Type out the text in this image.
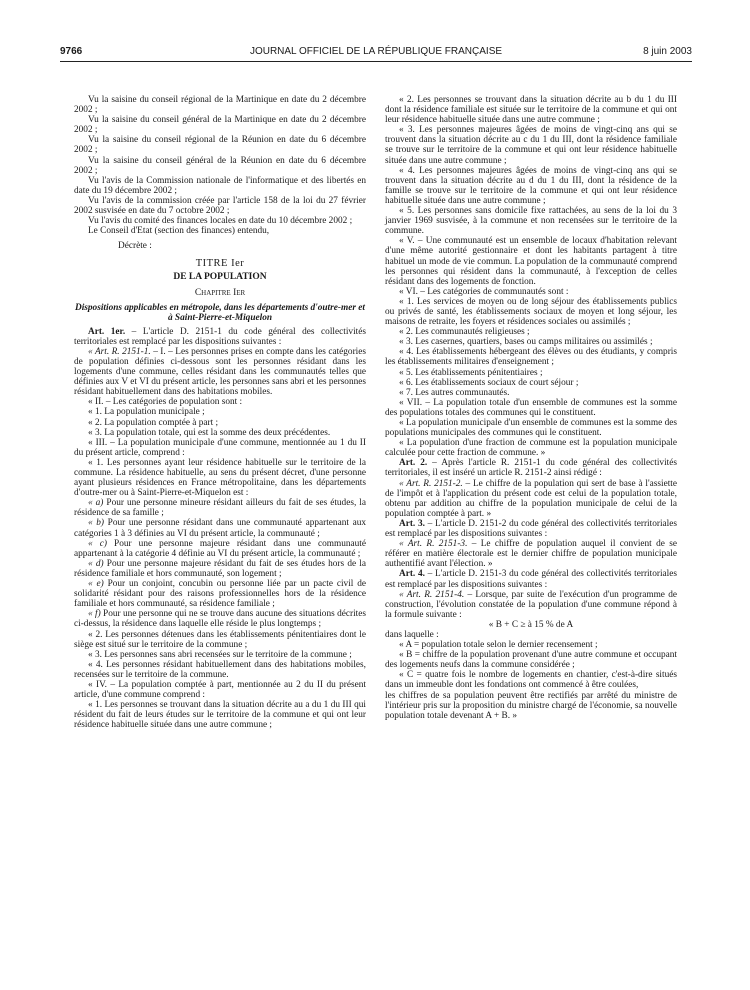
9766	JOURNAL OFFICIEL DE LA RÉPUBLIQUE FRANÇAISE	8 juin 2003

Vu la saisine du conseil régional de la Martinique en date du 2 décembre 2002 ;

Vu la saisine du conseil général de la Martinique en date du 2 décembre 2002 ;

Vu la saisine du conseil régional de la Réunion en date du 6 décembre 2002 ;

Vu la saisine du conseil général de la Réunion en date du 6 décembre 2002 ;

Vu l'avis de la Commission nationale de l'informatique et des libertés en date du 19 décembre 2002 ;

Vu l'avis de la commission créée par l'article 158 de la loi du 27 février 2002 susvisée en date du 7 octobre 2002 ;

Vu l'avis du comité des finances locales en date du 10 décembre 2002 ;

Le Conseil d'Etat (section des finances) entendu,

Décrète :

TITRE Ier

DE LA POPULATION

Chapitre Ier

Dispositions applicables en métropole, dans les départements d'outre-mer et à Saint-Pierre-et-Miquelon

Art. 1er. – L'article D. 2151-1 du code général des collectivités territoriales est remplacé par les dispositions suivantes :

« Art. R. 2151-1. – I. – Les personnes prises en compte dans les catégories de population définies ci-dessous sont les personnes résidant dans les logements d'une commune, celles résidant dans les communautés telles que définies aux V et VI du présent article, les personnes sans abri et les personnes résidant habituellement dans des habitations mobiles.

« II. – Les catégories de population sont :

« 1. La population municipale ;

« 2. La population comptée à part ;

« 3. La population totale, qui est la somme des deux précédentes.

« III. – La population municipale d'une commune, mentionnée au 1 du II du présent article, comprend :

« 1. Les personnes ayant leur résidence habituelle sur le territoire de la commune. La résidence habituelle, au sens du présent décret, d'une personne ayant plusieurs résidences en France métropolitaine, dans les départements d'outre-mer ou à Saint-Pierre-et-Miquelon est :

« a) Pour une personne mineure résidant ailleurs du fait de ses études, la résidence de sa famille ;

« b) Pour une personne résidant dans une communauté appartenant aux catégories 1 à 3 définies au VI du présent article, la communauté ;

« c) Pour une personne majeure résidant dans une communauté appartenant à la catégorie 4 définie au VI du présent article, la communauté ;

« d) Pour une personne majeure résidant du fait de ses études hors de la résidence familiale et hors communauté, son logement ;

« e) Pour un conjoint, concubin ou personne liée par un pacte civil de solidarité résidant pour des raisons professionnelles hors de la résidence familiale et hors communauté, sa résidence familiale ;

« f) Pour une personne qui ne se trouve dans aucune des situations décrites ci-dessus, la résidence dans laquelle elle réside le plus longtemps ;

« 2. Les personnes détenues dans les établissements pénitentiaires dont le siège est situé sur le territoire de la commune ;

« 3. Les personnes sans abri recensées sur le territoire de la commune ;

« 4. Les personnes résidant habituellement dans des habitations mobiles, recensées sur le territoire de la commune.

« IV. – La population comptée à part, mentionnée au 2 du II du présent article, d'une commune comprend :

« 1. Les personnes se trouvant dans la situation décrite au a du 1 du III qui résident du fait de leurs études sur le territoire de la commune et qui ont leur résidence habituelle située dans une autre commune ;

« 2. Les personnes se trouvant dans la situation décrite au b du 1 du III dont la résidence familiale est située sur le territoire de la commune et qui ont leur résidence habituelle située dans une autre commune ;

« 3. Les personnes majeures âgées de moins de vingt-cinq ans qui se trouvent dans la situation décrite au c du 1 du III, dont la résidence familiale se trouve sur le territoire de la commune et qui ont leur résidence habituelle située dans une autre commune ;

« 4. Les personnes majeures âgées de moins de vingt-cinq ans qui se trouvent dans la situation décrite au d du 1 du III, dont la résidence de la famille se trouve sur le territoire de la commune et qui ont leur résidence habituelle située dans une autre commune ;

« 5. Les personnes sans domicile fixe rattachées, au sens de la loi du 3 janvier 1969 susvisée, à la commune et non recensées sur le territoire de la commune.

« V. – Une communauté est un ensemble de locaux d'habitation relevant d'une même autorité gestionnaire et dont les habitants partagent à titre habituel un mode de vie commun. La population de la communauté comprend les personnes qui résident dans la communauté, à l'exception de celles résidant dans des logements de fonction.

« VI. – Les catégories de communautés sont :

« 1. Les services de moyen ou de long séjour des établissements publics ou privés de santé, les établissements sociaux de moyen et long séjour, les maisons de retraite, les foyers et résidences sociales ou assimilés ;

« 2. Les communautés religieuses ;

« 3. Les casernes, quartiers, bases ou camps militaires ou assimilés ;

« 4. Les établissements hébergeant des élèves ou des étudiants, y compris les établissements militaires d'enseignement ;

« 5. Les établissements pénitentiaires ;

« 6. Les établissements sociaux de court séjour ;

« 7. Les autres communautés.

« VII. – La population totale d'un ensemble de communes est la somme des populations totales des communes qui le constituent.

« La population municipale d'un ensemble de communes est la somme des populations municipales des communes qui le constituent.

« La population d'une fraction de commune est la population municipale calculée pour cette fraction de commune. »

Art. 2. – Après l'article R. 2151-1 du code général des collectivités territoriales, il est inséré un article R. 2151-2 ainsi rédigé :

« Art. R. 2151-2. – Le chiffre de la population qui sert de base à l'assiette de l'impôt et à l'application du présent code est celui de la population totale, obtenu par addition au chiffre de la population municipale de celui de la population comptée à part. »

Art. 3. – L'article D. 2151-2 du code général des collectivités territoriales est remplacé par les dispositions suivantes :

« Art. R. 2151-3. – Le chiffre de population auquel il convient de se référer en matière électorale est le dernier chiffre de population municipale authentifié avant l'élection. »

Art. 4. – L'article D. 2151-3 du code général des collectivités territoriales est remplacé par les dispositions suivantes :

« Art. R. 2151-4. – Lorsque, par suite de l'exécution d'un programme de construction, l'évolution constatée de la population d'une commune répond à la formule suivante :

« B + C ≥ à 15 % de A

dans laquelle :

« A = population totale selon le dernier recensement ;

« B = chiffre de la population provenant d'une autre commune et occupant des logements neufs dans la commune considérée ;

« C = quatre fois le nombre de logements en chantier, c'est-à-dire situés dans un immeuble dont les fondations ont commencé à être coulées,

les chiffres de sa population peuvent être rectifiés par arrêté du ministre de l'intérieur pris sur la proposition du ministre chargé de l'économie, sa nouvelle population totale devenant A + B. »
